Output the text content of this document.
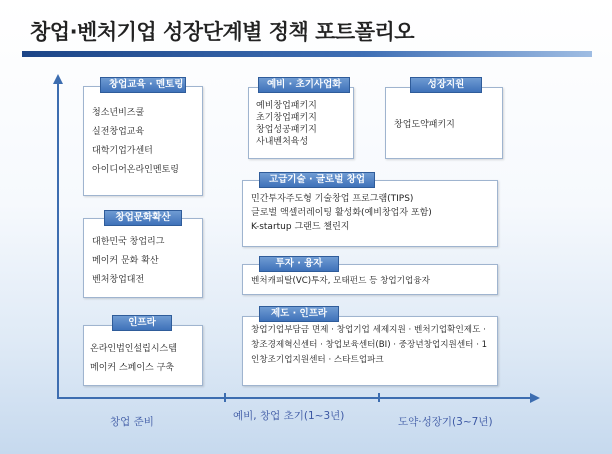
창업·벤처기업 성장단계별 정책 포트폴리오
창업 준비	예비, 창업 초기(1~3년)	도약·성장기(3~7년)
청소년비즈쿨
실전창업교육
대학기업가센터
아이디어온라인멘토링
창업교육 · 멘토링
대한민국 창업리그
메이커 문화 확산
벤처창업대전
창업문화확산
온라인법인설립시스템
메이커 스페이스 구축
인프라
예비창업패키지
초기창업패키지
창업성공패키지
사내벤처육성
예비 · 초기사업화
창업도약패키지
성장지원
민간투자주도형 기술창업 프로그램(TIPS)
글로벌 액셀러레이팅 활성화(예비창업자 포함)
K-startup 그랜드 챌린지
고급기술 · 글로벌 창업
벤처캐피탈(VC)투자, 모태펀드 등 창업기업융자
투자 · 융자
창업기업부담금 면제 · 창업기업 세제지원 · 벤처기업확인제도 · 창조경제혁신센터 · 창업보육센터(BI) · 중장년창업지원센터 · 1인창조기업지원센터 · 스타트업파크
제도 · 인프라
